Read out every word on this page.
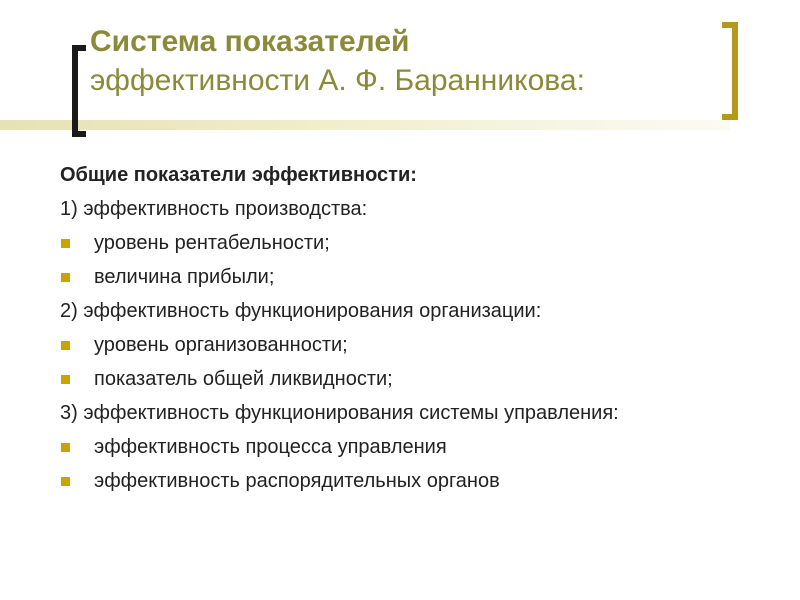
Система показателей
эффективности А. Ф. Баранникова:
Общие показатели эффективности:
1) эффективность производства:
уровень рентабельности;
величина прибыли;
2) эффективность функционирования организации:
уровень организованности;
показатель общей ликвидности;
3) эффективность функционирования системы управления:
эффективность процесса управления
эффективность распорядительных органов
